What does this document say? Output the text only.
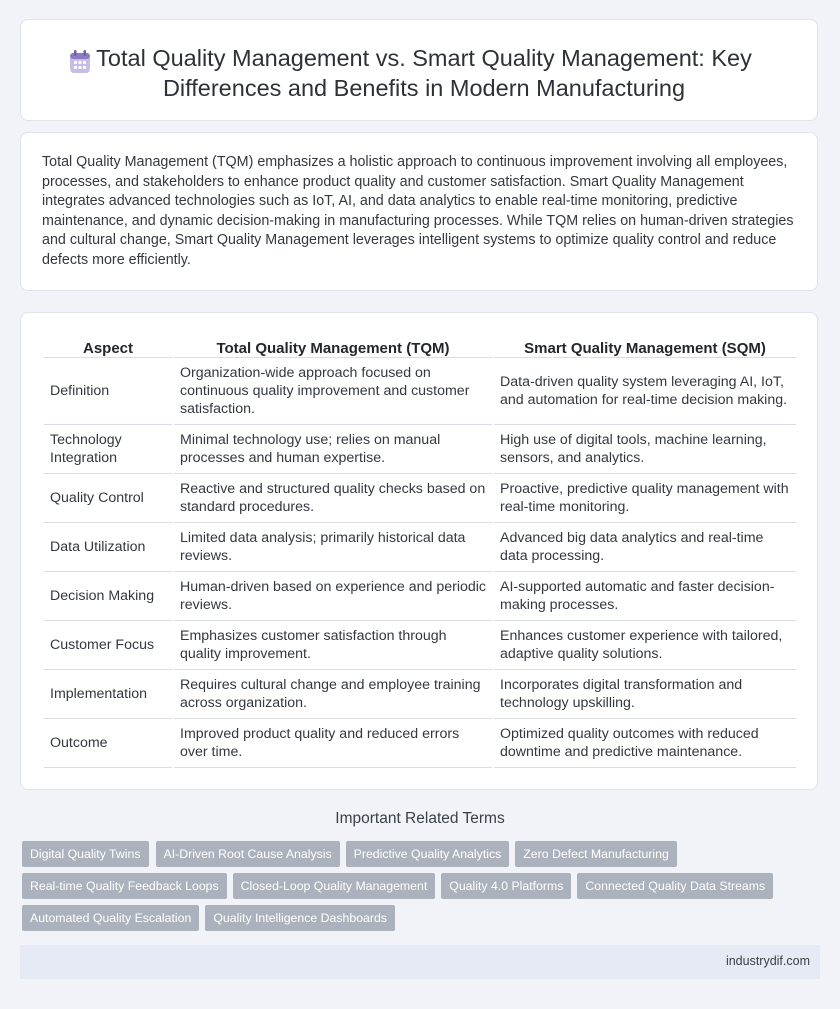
Total Quality Management vs. Smart Quality Management: Key Differences and Benefits in Modern Manufacturing

Total Quality Management (TQM) emphasizes a holistic approach to continuous improvement involving all employees, processes, and stakeholders to enhance product quality and customer satisfaction. Smart Quality Management integrates advanced technologies such as IoT, AI, and data analytics to enable real-time monitoring, predictive maintenance, and dynamic decision-making in manufacturing processes. While TQM relies on human-driven strategies and cultural change, Smart Quality Management leverages intelligent systems to optimize quality control and reduce defects more efficiently.

Aspect	Total Quality Management (TQM)	Smart Quality Management (SQM)
Definition	Organization-wide approach focused on continuous quality improvement and customer satisfaction.	Data-driven quality system leveraging AI, IoT, and automation for real-time decision making.
Technology Integration	Minimal technology use; relies on manual processes and human expertise.	High use of digital tools, machine learning, sensors, and analytics.
Quality Control	Reactive and structured quality checks based on standard procedures.	Proactive, predictive quality management with real-time monitoring.
Data Utilization	Limited data analysis; primarily historical data reviews.	Advanced big data analytics and real-time data processing.
Decision Making	Human-driven based on experience and periodic reviews.	AI-supported automatic and faster decision-making processes.
Customer Focus	Emphasizes customer satisfaction through quality improvement.	Enhances customer experience with tailored, adaptive quality solutions.
Implementation	Requires cultural change and employee training across organization.	Incorporates digital transformation and technology upskilling.
Outcome	Improved product quality and reduced errors over time.	Optimized quality outcomes with reduced downtime and predictive maintenance.
Important Related Terms
Digital Quality Twins	AI-Driven Root Cause Analysis	Predictive Quality Analytics	Zero Defect Manufacturing
Real-time Quality Feedback Loops	Closed-Loop Quality Management	Quality 4.0 Platforms	Connected Quality Data Streams
Automated Quality Escalation	Quality Intelligence Dashboards
industrydif.com
